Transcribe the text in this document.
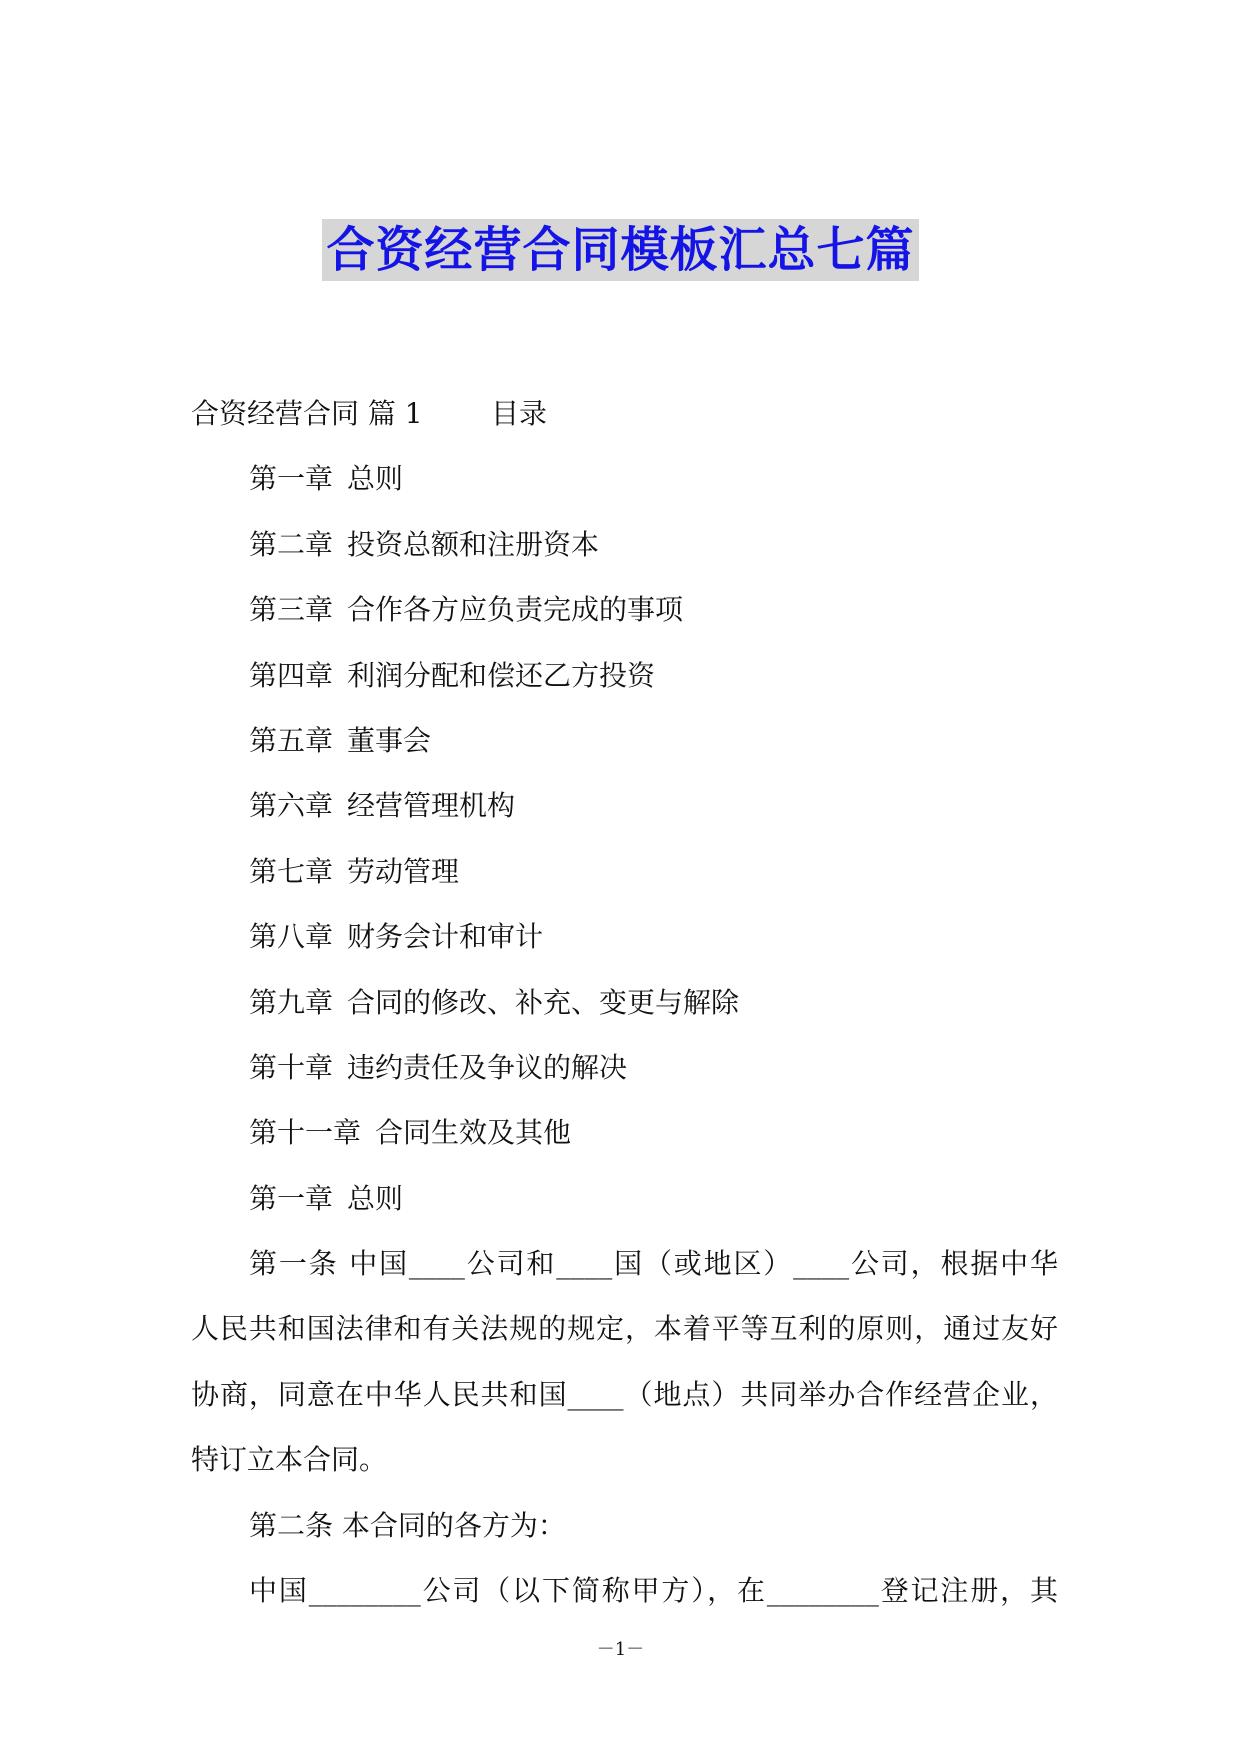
合资经营合同模板汇总七篇
合资经营合同 篇 1 目录
第一章 总则
第二章 投资总额和注册资本
第三章 合作各方应负责完成的事项
第四章 利润分配和偿还乙方投资
第五章 董事会
第六章 经营管理机构
第七章 劳动管理
第八章 财务会计和审计
第九章 合同的修改、补充、变更与解除
第十章 违约责任及争议的解决
第十一章 合同生效及其他
第一章 总则
第一条 中国____公司和____国（或地区）____公司，根据中华
人民共和国法律和有关法规的规定，本着平等互利的原则，通过友好
协商，同意在中华人民共和国____（地点）共同举办合作经营企业，
特订立本合同。
第二条 本合同的各方为：
中国________公司（以下简称甲方），在________登记注册，其
－1－
